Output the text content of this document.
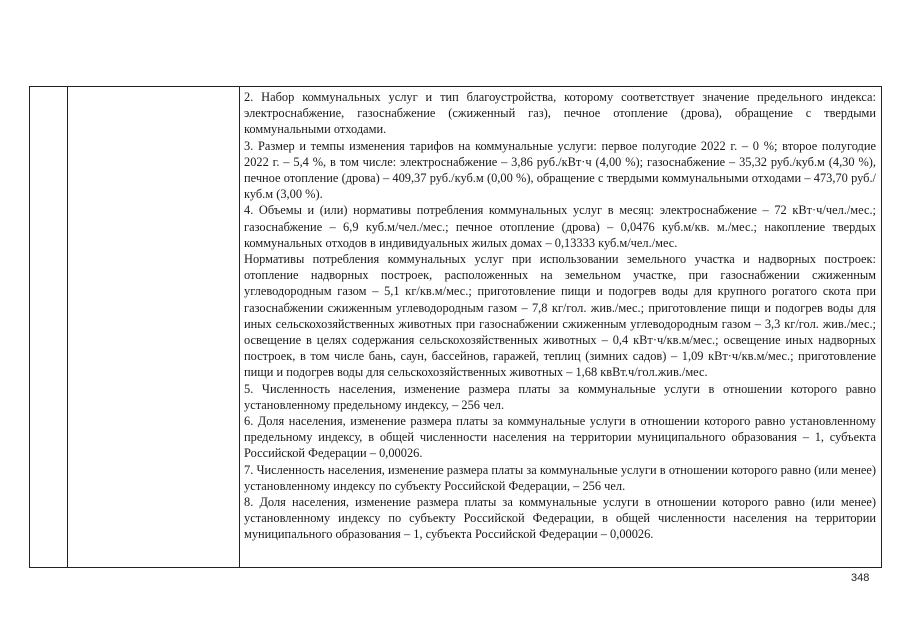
2. Набор коммунальных услуг и тип благоустройства, которому соответствует значение предельного индекса: электроснабжение, газоснабжение (сжиженный газ), печное отопление (дрова), обращение с твердыми коммунальными отходами.

3. Размер и темпы изменения тарифов на коммунальные услуги: первое полугодие 2022 г. – 0 %; второе полугодие 2022 г. – 5,4 %, в том числе: электроснабжение – 3,86 руб./кВт·ч (4,00 %); газоснабжение – 35,32 руб./куб.м (4,30 %), печное отопление (дрова) – 409,37 руб./куб.м (0,00 %), обращение с твердыми коммунальными отходами – 473,70 руб./куб.м (3,00 %).

4. Объемы и (или) нормативы потребления коммунальных услуг в месяц: электроснабжение – 72 кВт·ч/чел./мес.; газоснабжение – 6,9 куб.м/чел./мес.; печное отопление (дрова) – 0,0476 куб.м/кв. м./мес.; накопление твердых коммунальных отходов в индивидуальных жилых домах – 0,13333 куб.м/чел./мес.

Нормативы потребления коммунальных услуг при использовании земельного участка и надворных построек: отопление надворных построек, расположенных на земельном участке, при газоснабжении сжиженным углеводородным газом – 5,1 кг/кв.м/мес.; приготовление пищи и подогрев воды для крупного рогатого скота при газоснабжении сжиженным углеводородным газом – 7,8 кг/гол. жив./мес.; приготовление пищи и подогрев воды для иных сельскохозяйственных животных при газоснабжении сжиженным углеводородным газом – 3,3 кг/гол. жив./мес.; освещение в целях содержания сельскохозяйственных животных – 0,4 кВт·ч/кв.м/мес.; освещение иных надворных построек, в том числе бань, саун, бассейнов, гаражей, теплиц (зимних садов) – 1,09 кВт·ч/кв.м/мес.; приготовление пищи и подогрев воды для сельскохозяйственных животных – 1,68 квВт.ч/гол.жив./мес.

5. Численность населения, изменение размера платы за коммунальные услуги в отношении которого равно установленному предельному индексу, – 256 чел.

6. Доля населения, изменение размера платы за коммунальные услуги в отношении которого равно установленному предельному индексу, в общей численности населения на территории муниципального образования – 1, субъекта Российской Федерации – 0,00026.

7. Численность населения, изменение размера платы за коммунальные услуги в отношении которого равно (или менее) установленному индексу по субъекту Российской Федерации, – 256 чел.

8. Доля населения, изменение размера платы за коммунальные услуги в отношении которого равно (или менее) установленному индексу по субъекту Российской Федерации, в общей численности населения на территории муниципального образования – 1, субъекта Российской Федерации – 0,00026.

348
